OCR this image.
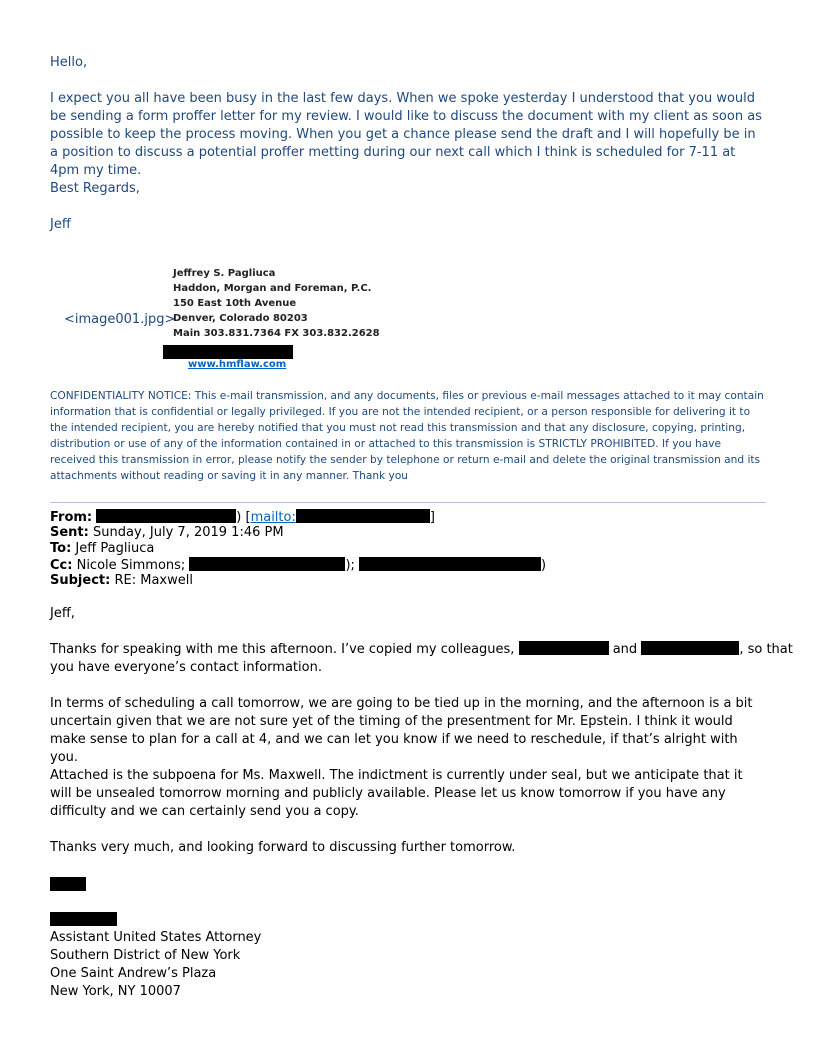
Hello,

I expect you all have been busy in the last few days. When we spoke yesterday I understood that you would be sending a form proffer letter for my review. I would like to discuss the document with my client as soon as possible to keep the process moving. When you get a chance please send the draft and I will hopefully be in a position to discuss a potential proffer metting during our next call which I think is scheduled for 7-11 at 4pm my time.

Best Regards,

Jeff

<image001.jpg>
Jeffrey S. Pagliuca
Haddon, Morgan and Foreman, P.C.
150 East 10th Avenue
Denver, Colorado 80203
Main 303.831.7364 FX 303.832.2628
www.hmflaw.com

CONFIDENTIALITY NOTICE: This e-mail transmission, and any documents, files or previous e-mail messages attached to it may contain information that is confidential or legally privileged. If you are not the intended recipient, or a person responsible for delivering it to the intended recipient, you are hereby notified that you must not read this transmission and that any disclosure, copying, printing, distribution or use of any of the information contained in or attached to this transmission is STRICTLY PROHIBITED. If you have received this transmission in error, please notify the sender by telephone or return e-mail and delete the original transmission and its attachments without reading or saving it in any manner. Thank you

From:	) [mailto:	]
Sent: Sunday, July 7, 2019 1:46 PM
To: Jeff Pagliuca
Cc: Nicole Simmons;	);	)
Subject: RE: Maxwell

Jeff,

Thanks for speaking with me this afternoon. I’ve copied my colleagues,	and	, so that
you have everyone’s contact information.

In terms of scheduling a call tomorrow, we are going to be tied up in the morning, and the afternoon is a bit uncertain given that we are not sure yet of the timing of the presentment for Mr. Epstein. I think it would make sense to plan for a call at 4, and we can let you know if we need to reschedule, if that’s alright with you.

Attached is the subpoena for Ms. Maxwell. The indictment is currently under seal, but we anticipate that it will be unsealed tomorrow morning and publicly available. Please let us know tomorrow if you have any difficulty and we can certainly send you a copy.

Thanks very much, and looking forward to discussing further tomorrow.

Assistant United States Attorney
Southern District of New York
One Saint Andrew’s Plaza
New York, NY 10007
